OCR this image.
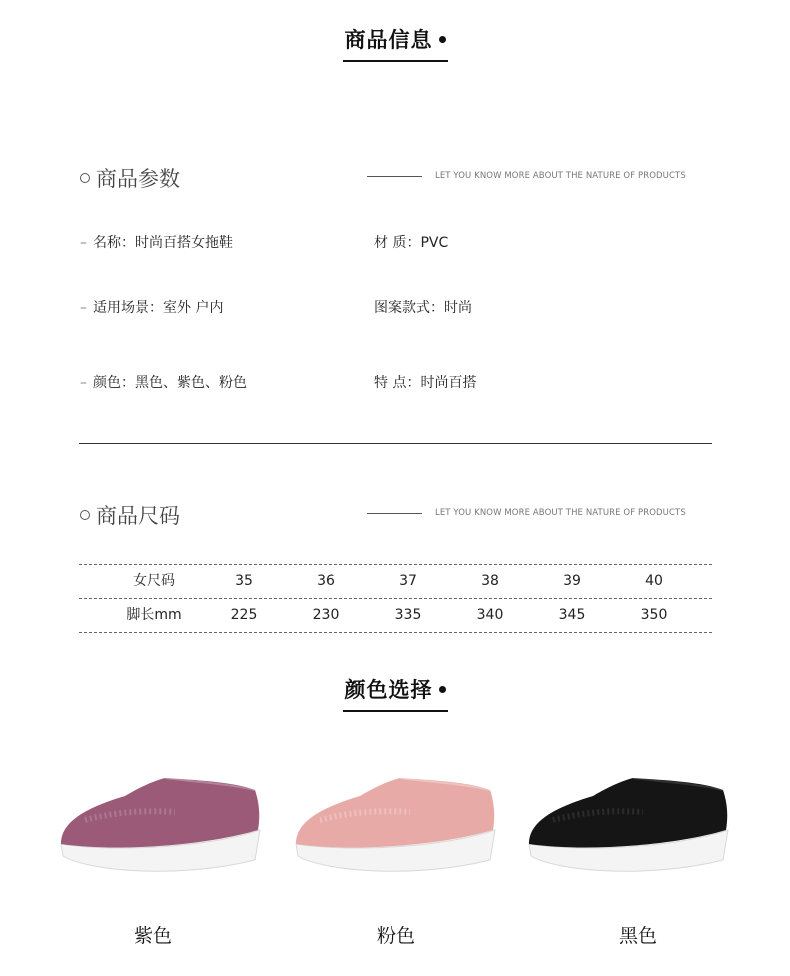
商品信息
商品参数	LET YOU KNOW MORE ABOUT THE NATURE OF PRODUCTS
– 名称：时尚百搭女拖鞋	材 质：PVC
– 适用场景：室外 户内	图案款式：时尚
– 颜色：黑色、紫色、粉色	特 点：时尚百搭
商品尺码	LET YOU KNOW MORE ABOUT THE NATURE OF PRODUCTS
女尺码	35	36	37	38	39	40
脚长mm	225	230	335	340	345	350
颜色选择
紫色	粉色	黑色
